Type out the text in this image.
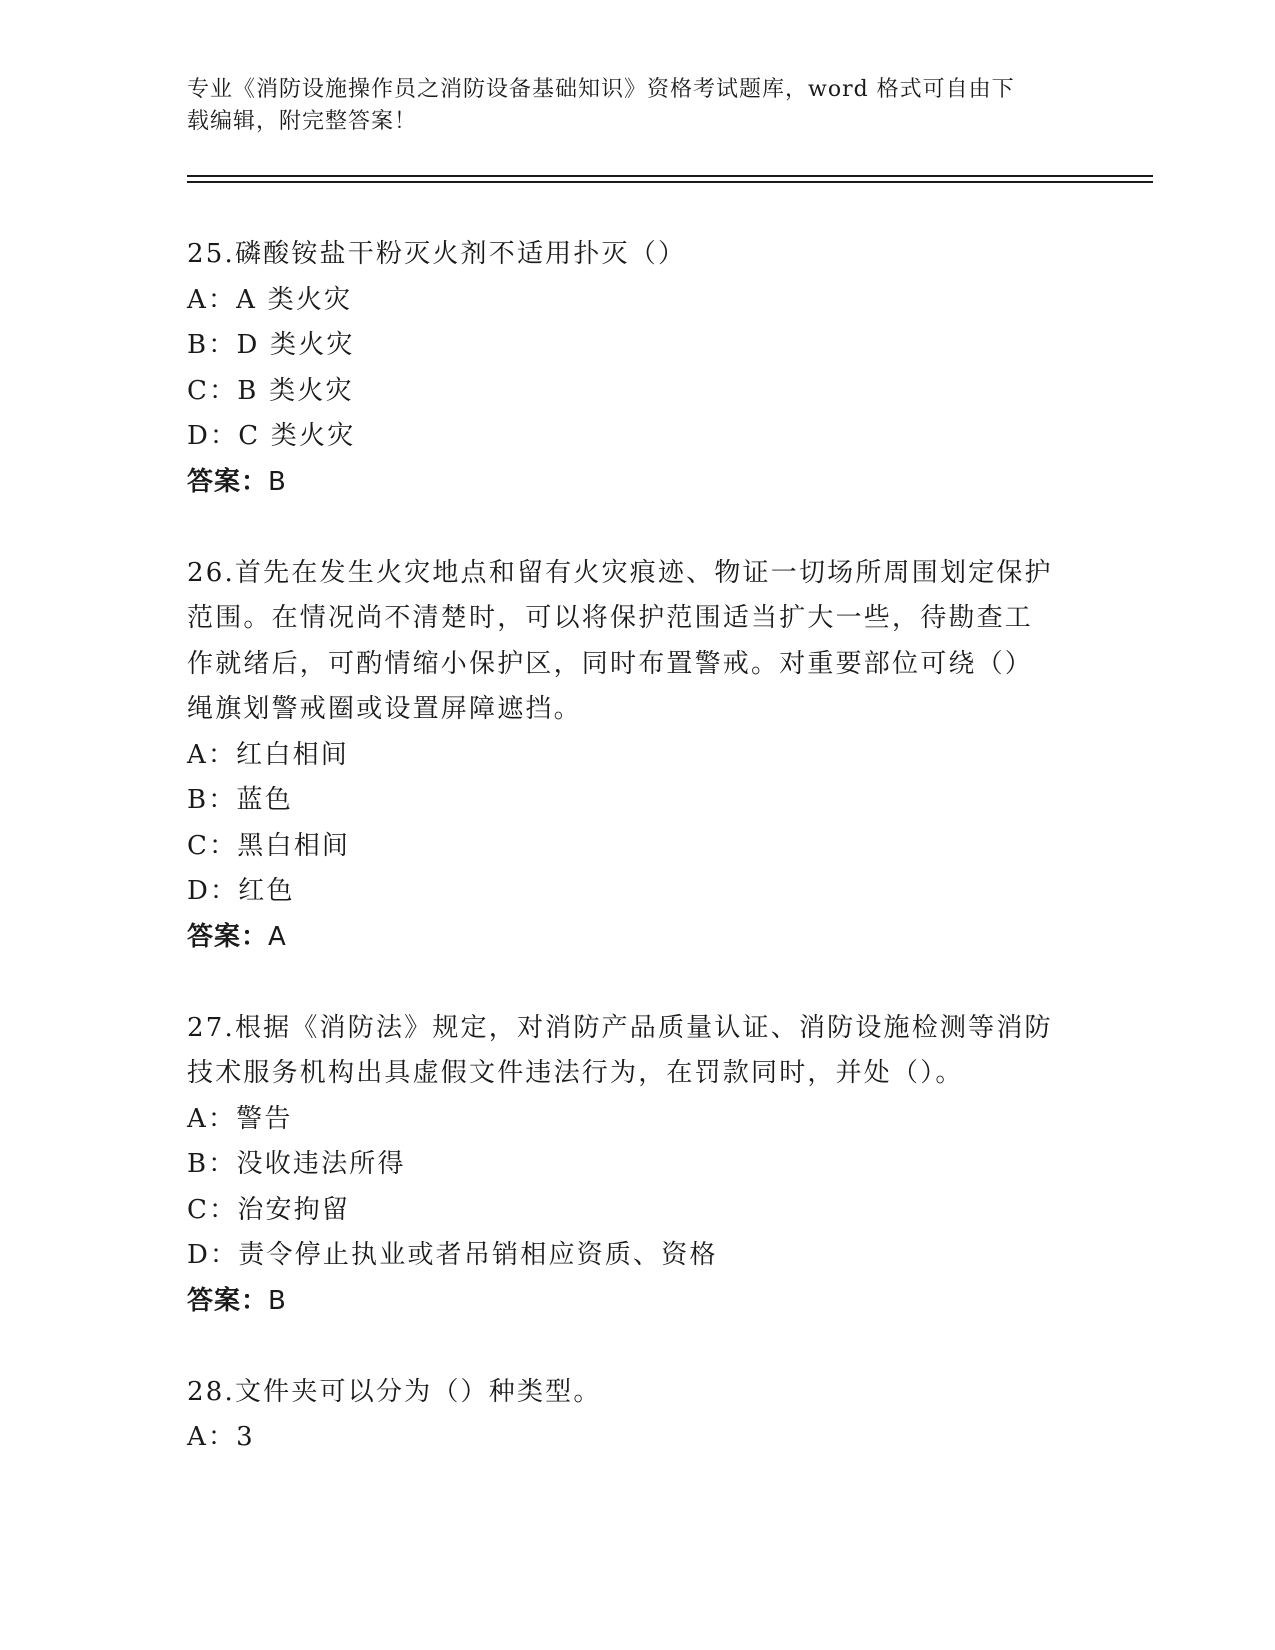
专业《消防设施操作员之消防设备基础知识》资格考试题库，word 格式可自由下
载编辑，附完整答案！

25.磷酸铵盐干粉灭火剂不适用扑灭（）

A：A 类火灾

B：D 类火灾

C：B 类火灾

D：C 类火灾

答案：B

26.首先在发生火灾地点和留有火灾痕迹、物证一切场所周围划定保护

范围。在情况尚不清楚时，可以将保护范围适当扩大一些，待勘查工

作就绪后，可酌情缩小保护区，同时布置警戒。对重要部位可绕（）

绳旗划警戒圈或设置屏障遮挡。

A：红白相间

B：蓝色

C：黑白相间

D：红色

答案：A

27.根据《消防法》规定，对消防产品质量认证、消防设施检测等消防

技术服务机构出具虚假文件违法行为，在罚款同时，并处（）。

A：警告

B：没收违法所得

C：治安拘留

D：责令停止执业或者吊销相应资质、资格

答案：B

28.文件夹可以分为（）种类型。

A：3
